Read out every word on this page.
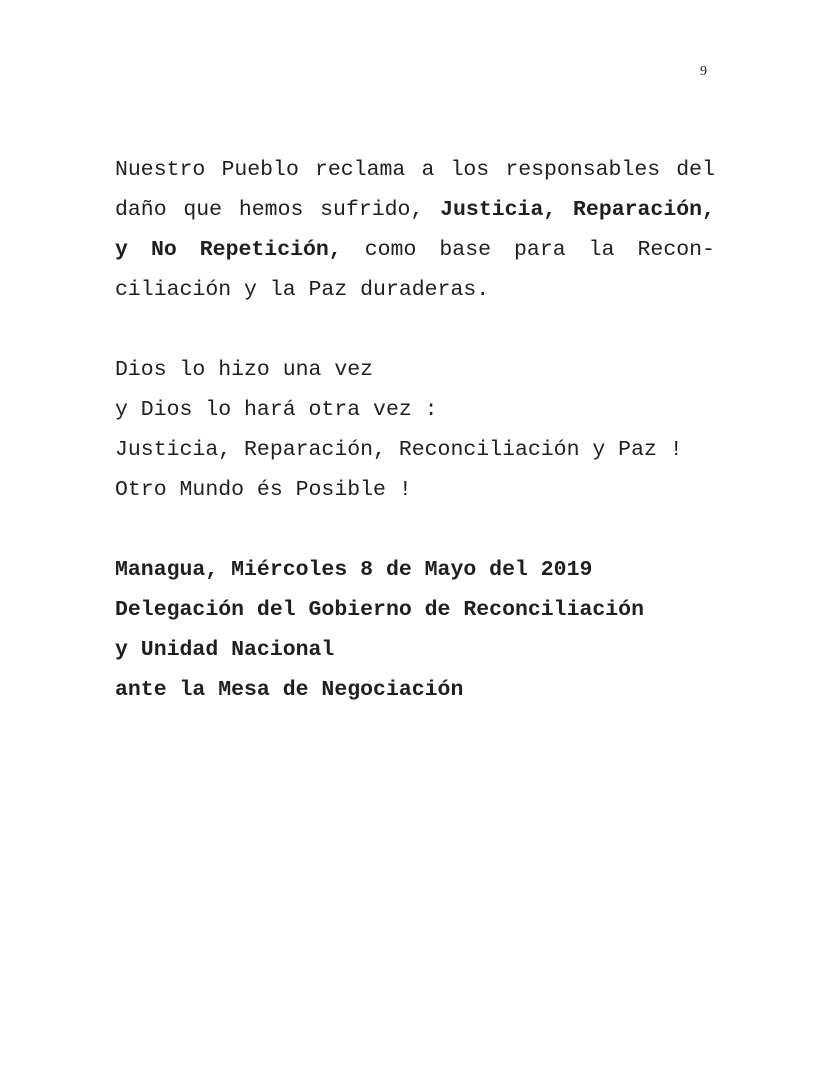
9
Nuestro Pueblo reclama a los responsables del
daño que hemos sufrido, Justicia, Reparación,
y No Repetición, como base para la Recon-
ciliación y la Paz duraderas.
Dios lo hizo una vez
y Dios lo hará otra vez :
Justicia, Reparación, Reconciliación y Paz !
Otro Mundo és Posible !
Managua, Miércoles 8 de Mayo del 2019
Delegación del Gobierno de Reconciliación
y Unidad Nacional
ante la Mesa de Negociación
